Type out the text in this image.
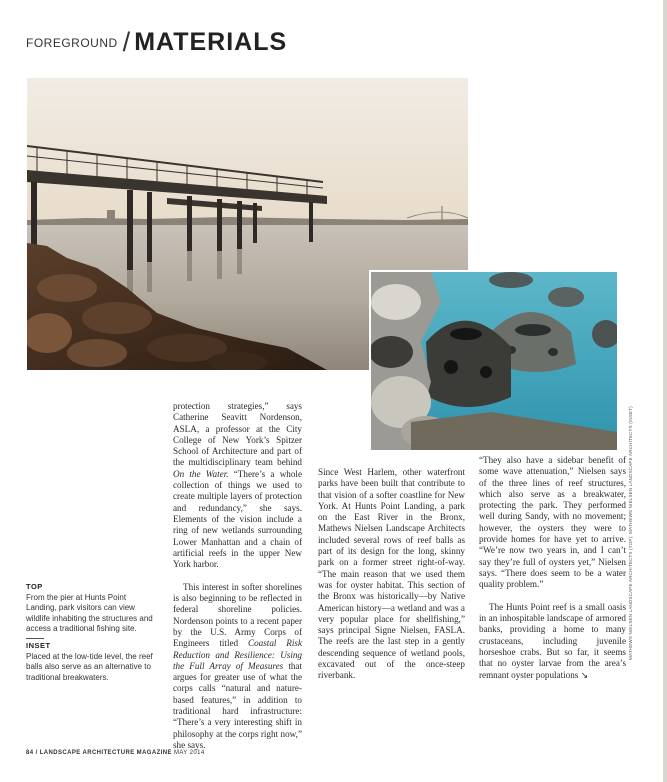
FOREGROUND / MATERIALS
MATHEWS NIELSEN LANDSCAPE ARCHITECTS (TOP); MATHEWS NIELSEN LANDSCAPE ARCHITECTS (INSET)
TOP
From the pier at Hunts Point Landing, park visitors can view wildlife inhabiting the structures and access a traditional fishing site.
INSET
Placed at the low-tide level, the reef balls also serve as an alternative to traditional breakwaters.

protection strategies,” says Catherine Seavitt Nordenson, ASLA, a professor at the City College of New York’s Spitzer School of Architecture and part of the multidisciplinary team behind On the Water. “There’s a whole collection of things we used to create multiple layers of protection and redundancy,” she says. Elements of the vision include a ring of new wetlands surrounding Lower Manhattan and a chain of artificial reefs in the upper New York harbor.

This interest in softer shorelines is also beginning to be reflected in federal shoreline policies. Nordenson points to a recent paper by the U.S. Army Corps of Engineers titled Coastal Risk Reduction and Resilience: Using the Full Array of Measures that argues for greater use of what the corps calls “natural and nature-based features,” in addition to traditional hard infrastructure: “There’s a very interesting shift in philosophy at the corps right now,” she says.

Since West Harlem, other waterfront parks have been built that contribute to that vision of a softer coastline for New York. At Hunts Point Landing, a park on the East River in the Bronx, Mathews Nielsen Landscape Architects included several rows of reef balls as part of its design for the long, skinny park on a former street right-of-way. “The main reason that we used them was for oyster habitat. This section of the Bronx was historically—by Native American history—a wetland and was a very popular place for shellfishing,” says principal Signe Nielsen, FASLA. The reefs are the last step in a gently descending sequence of wetland pools, excavated out of the once-steep riverbank.

“They also have a sidebar benefit of some wave attenuation,” Nielsen says of the three lines of reef structures, which also serve as a breakwater, protecting the park. They performed well during Sandy, with no movement; however, the oysters they were to provide homes for have yet to arrive. “We’re now two years in, and I can’t say they’re full of oysters yet,” Nielsen says. “There does seem to be a water quality problem.”

The Hunts Point reef is a small oasis in an inhospitable landscape of armored banks, providing a home to many crustaceans, including juvenile horseshoe crabs. But so far, it seems that no oyster larvae from the area’s remnant oyster populations ↘

84 / LANDSCAPE ARCHITECTURE MAGAZINE MAY 2014
